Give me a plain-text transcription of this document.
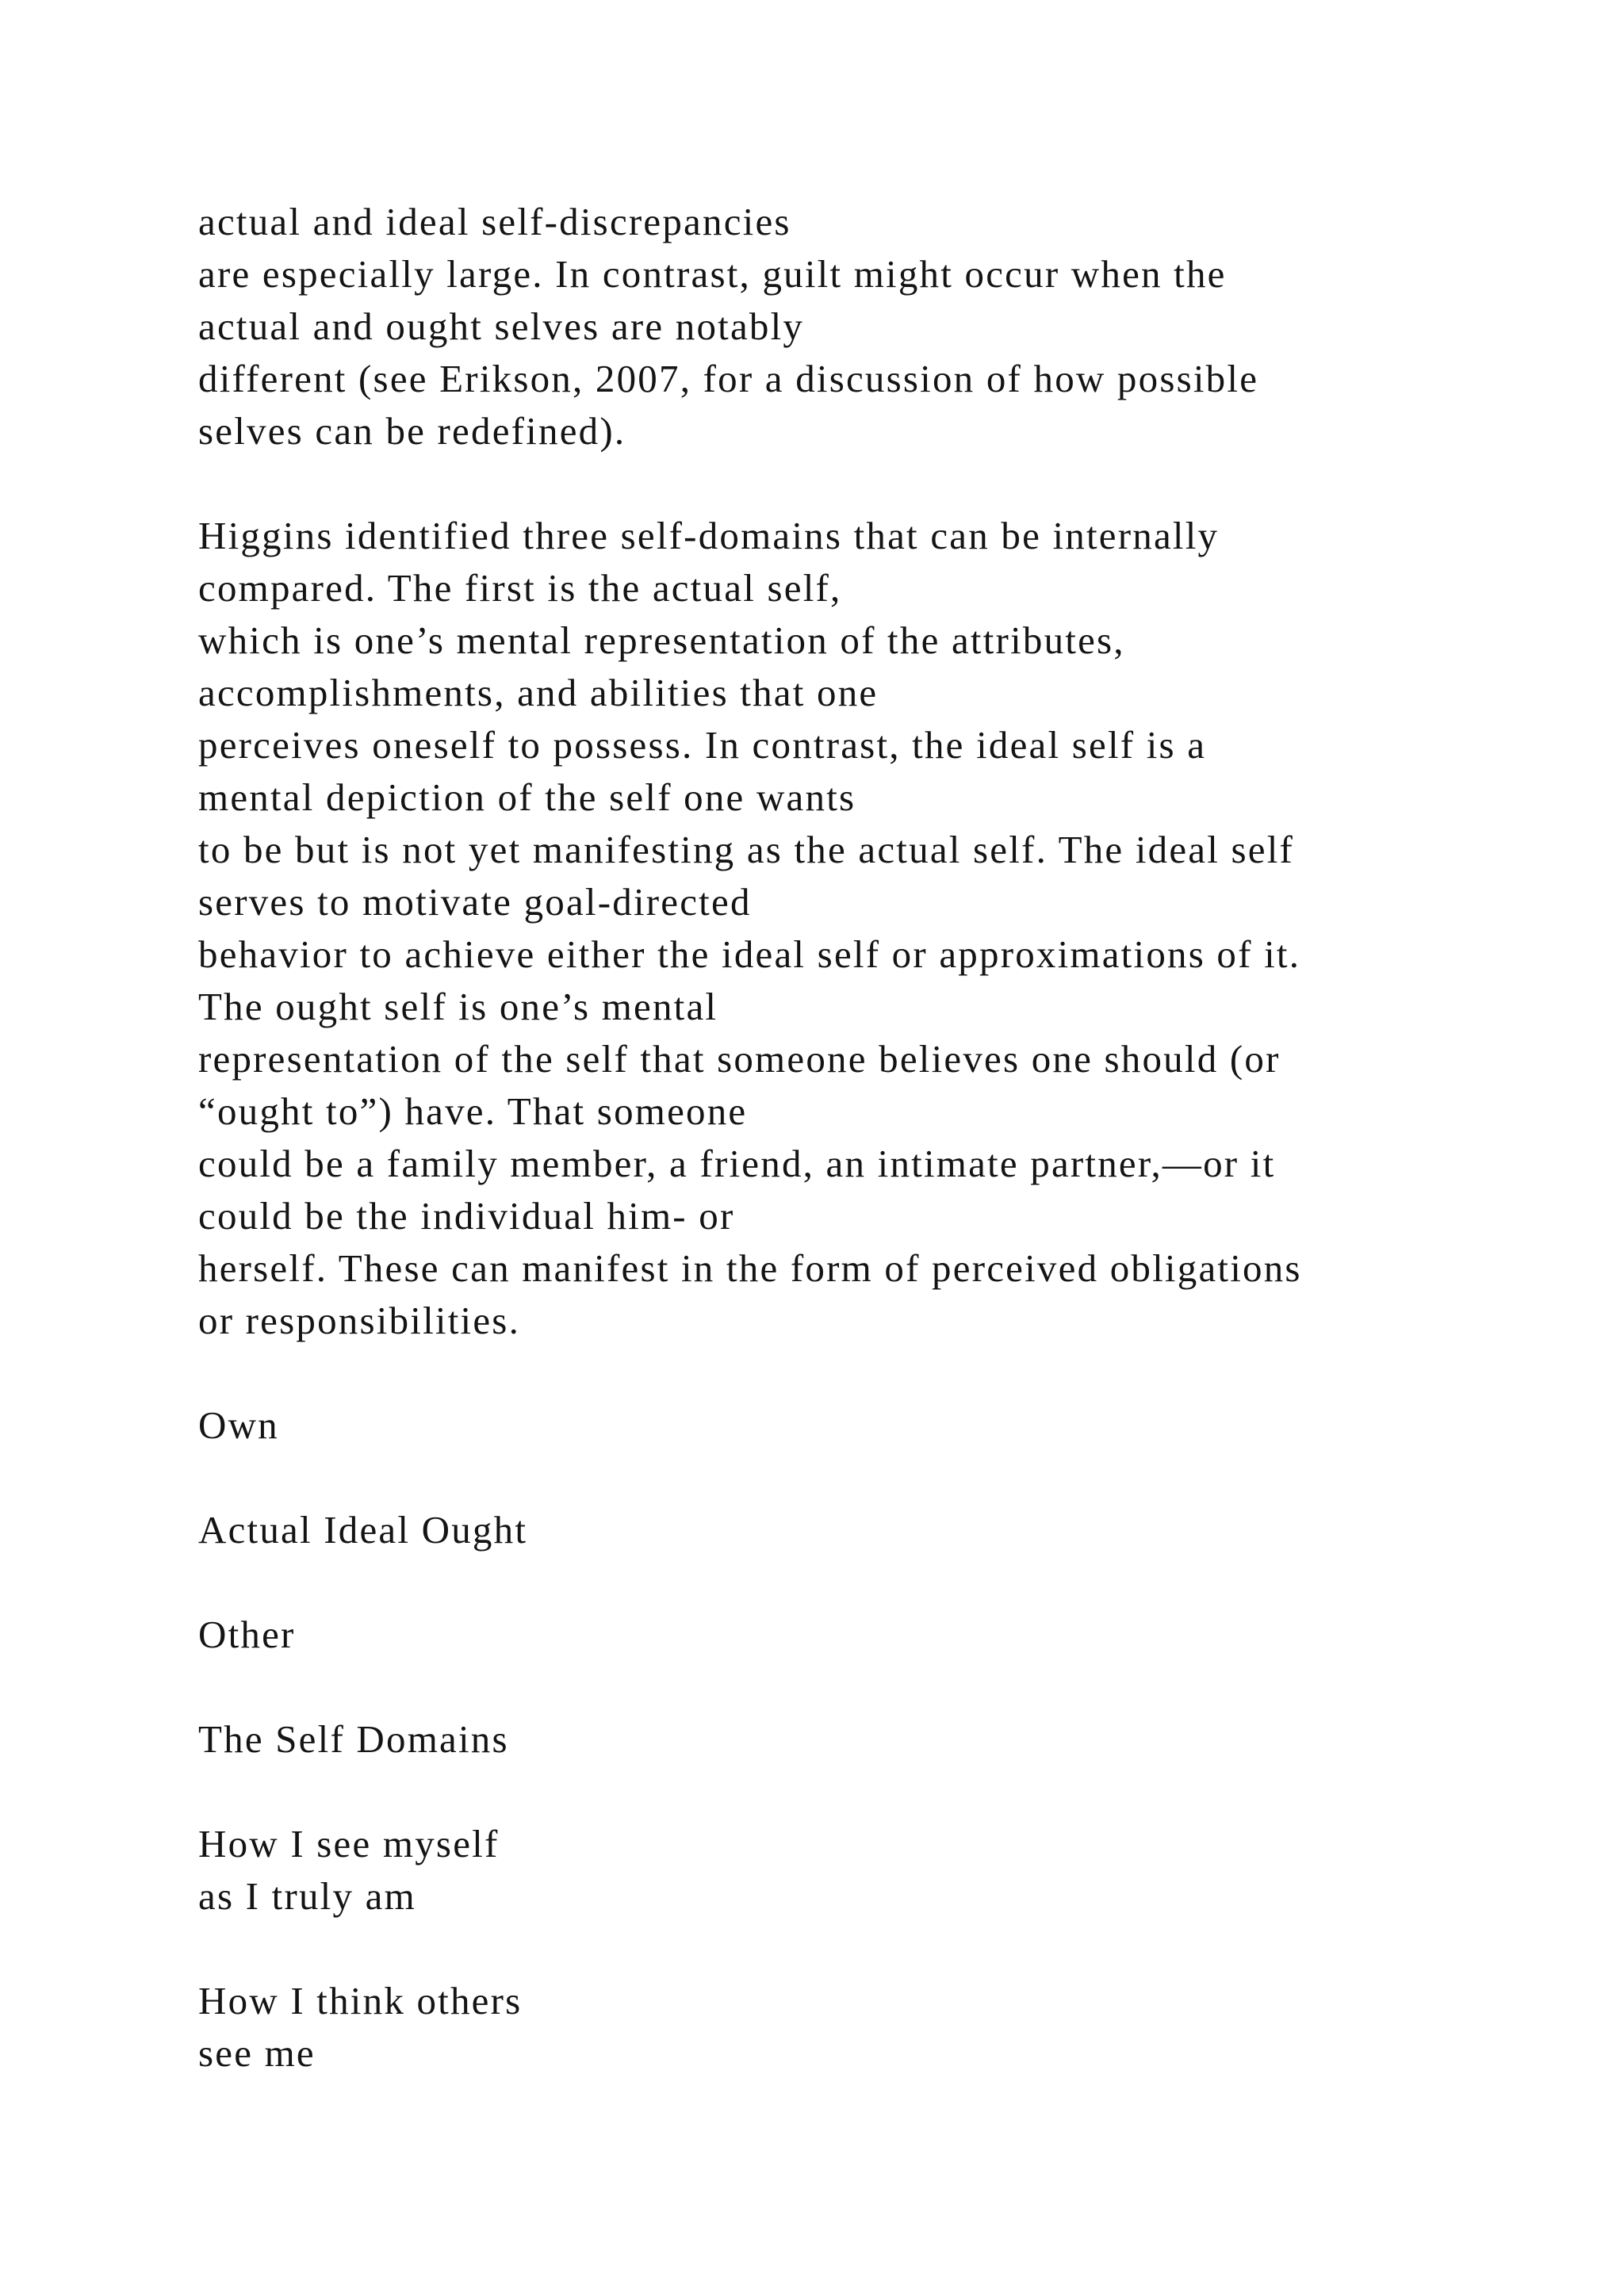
actual and ideal self-discrepancies
are especially large. In contrast, guilt might occur when the
actual and ought selves are notably
different (see Erikson, 2007, for a discussion of how possible
selves can be redefined).
Higgins identified three self-domains that can be internally
compared. The first is the actual self,
which is one’s mental representation of the attributes,
accomplishments, and abilities that one
perceives oneself to possess. In contrast, the ideal self is a
mental depiction of the self one wants
to be but is not yet manifesting as the actual self. The ideal self
serves to motivate goal-directed
behavior to achieve either the ideal self or approximations of it.
The ought self is one’s mental
representation of the self that someone believes one should (or
“ought to”) have. That someone
could be a family member, a friend, an intimate partner,—or it
could be the individual him- or
herself. These can manifest in the form of perceived obligations
or responsibilities.
Own
Actual Ideal Ought
Other
The Self Domains
How I see myself
as I truly am
How I think others
see me
